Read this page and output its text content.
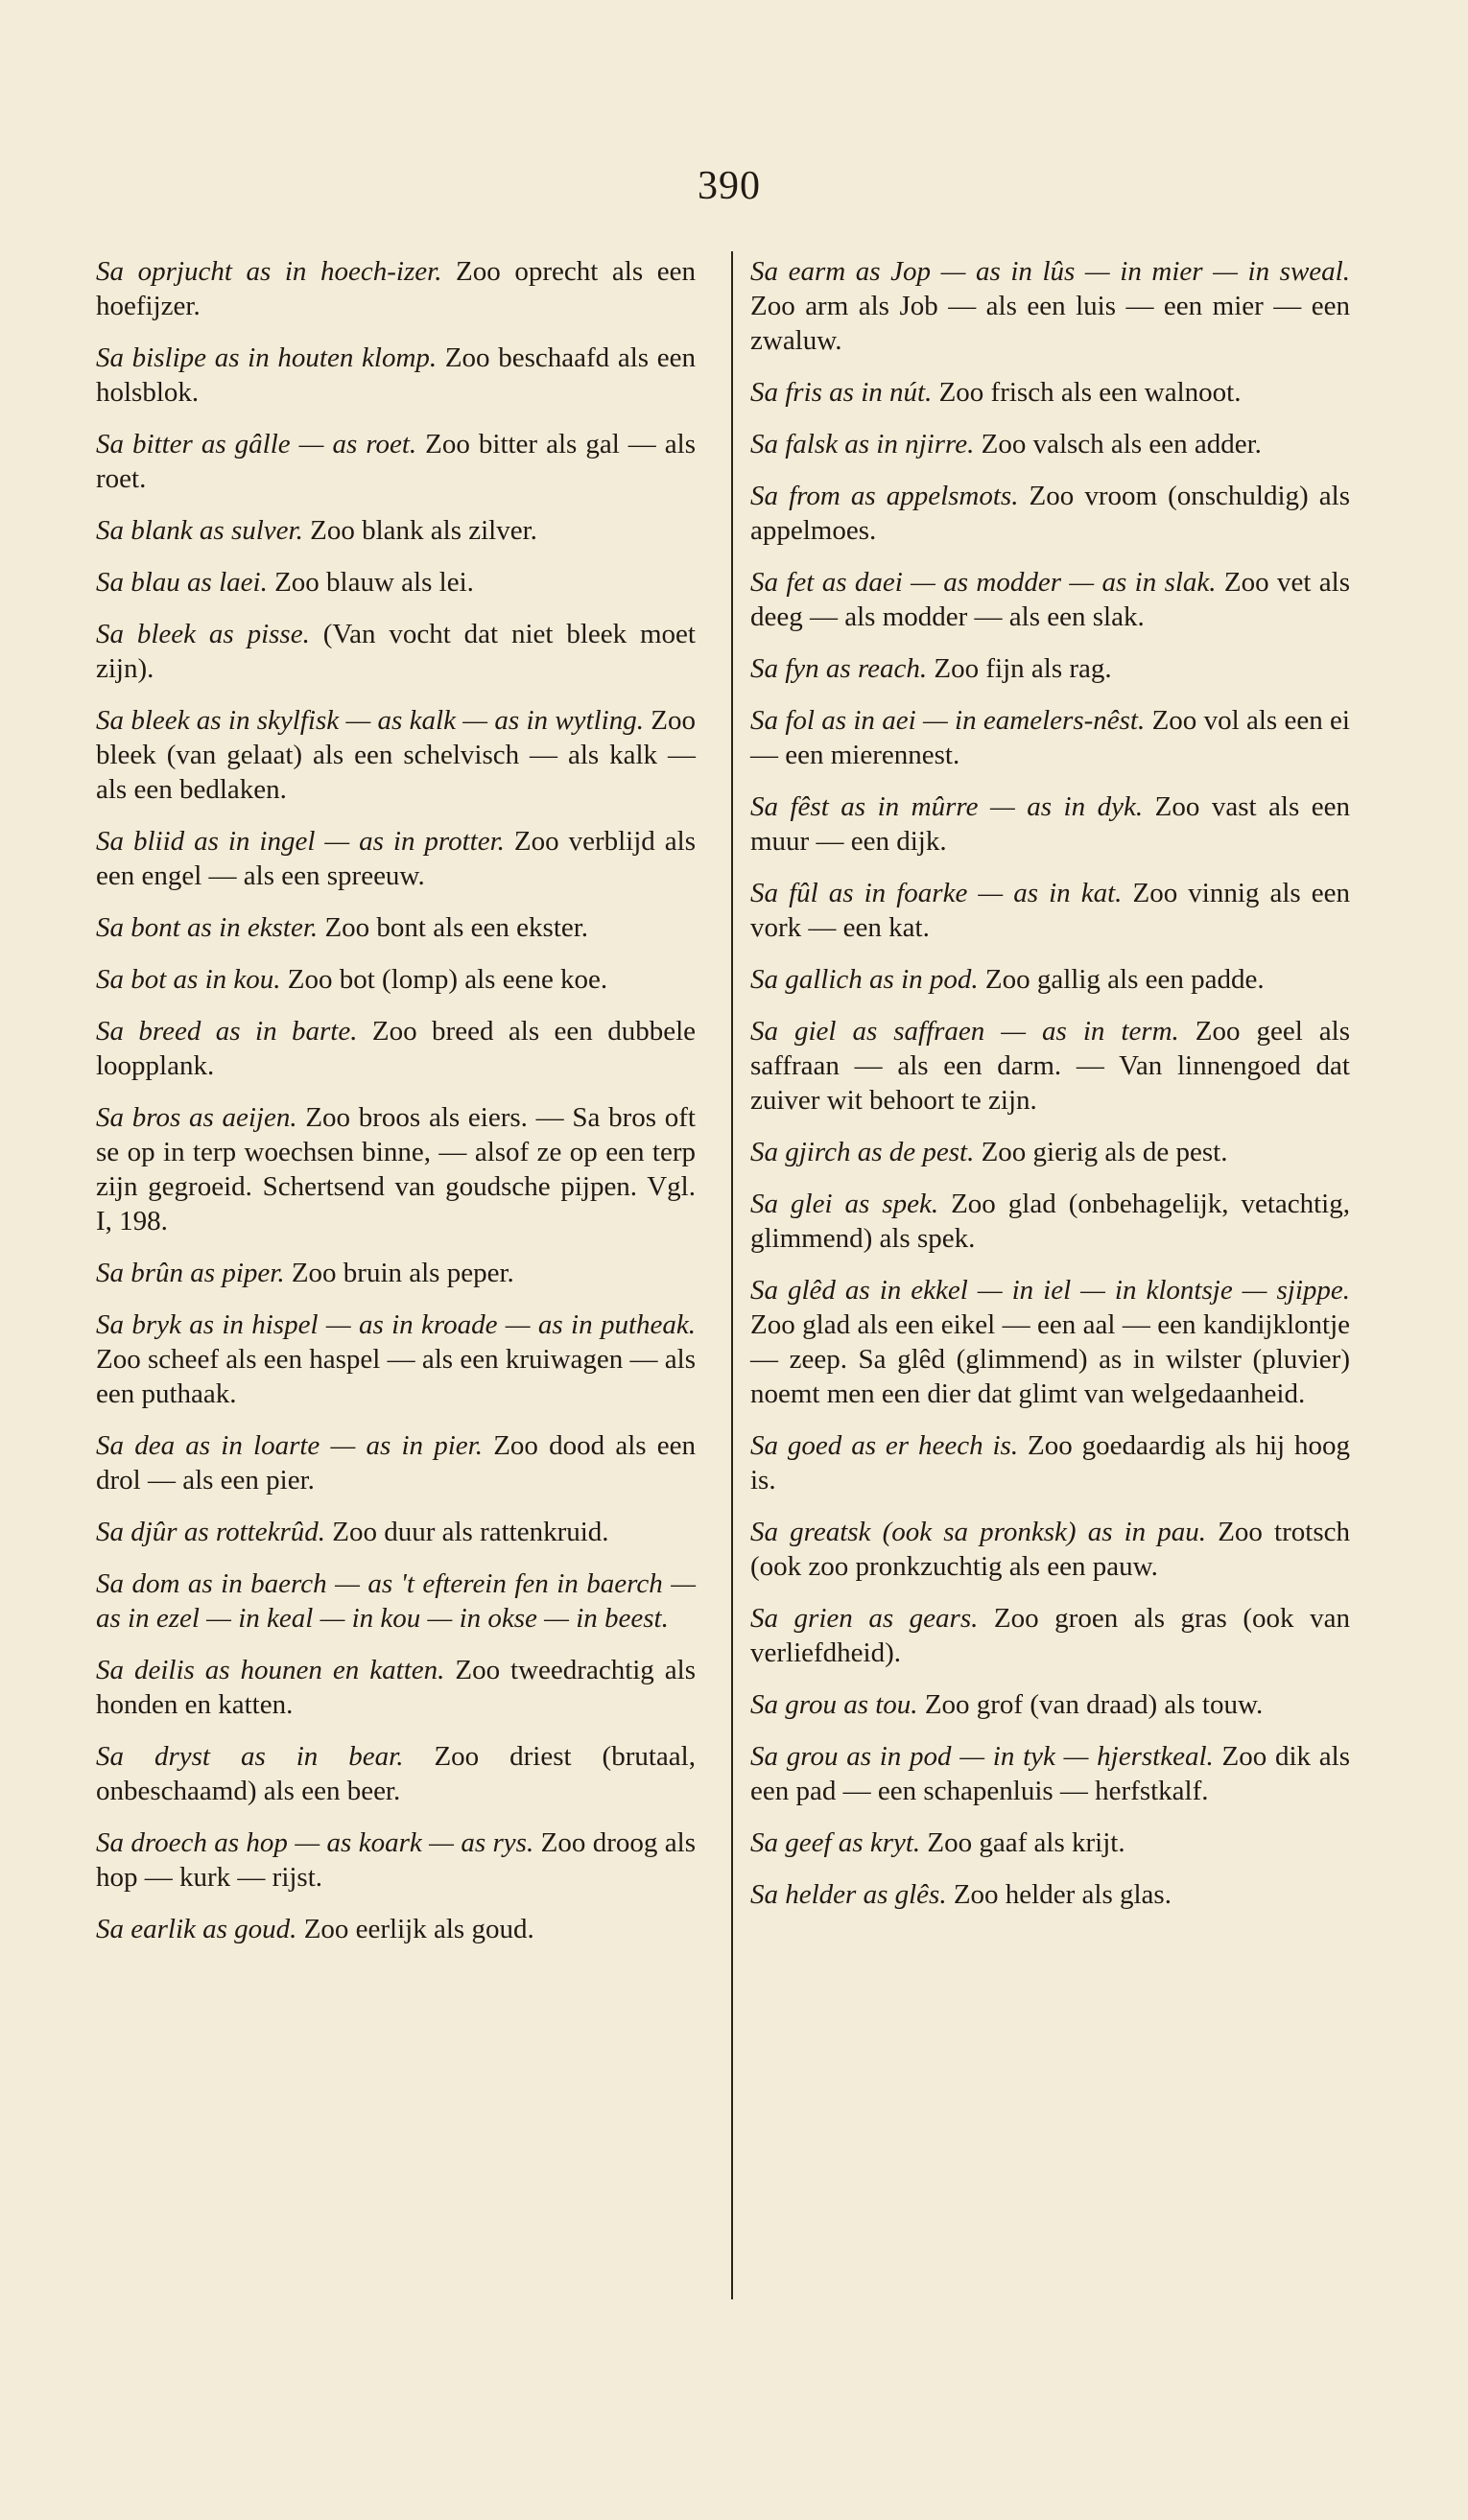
390

Sa oprjucht as in hoech-izer. Zoo oprecht als een hoefijzer.

Sa bislipe as in houten klomp. Zoo beschaafd als een holsblok.

Sa bitter as gâlle — as roet. Zoo bitter als gal — als roet.

Sa blank as sulver. Zoo blank als zilver.

Sa blau as laei. Zoo blauw als lei.

Sa bleek as pisse. (Van vocht dat niet bleek moet zijn).

Sa bleek as in skylfisk — as kalk — as in wytling. Zoo bleek (van gelaat) als een schelvisch — als kalk — als een bedlaken.

Sa bliid as in ingel — as in protter. Zoo verblijd als een engel — als een spreeuw.

Sa bont as in ekster. Zoo bont als een ekster.

Sa bot as in kou. Zoo bot (lomp) als eene koe.

Sa breed as in barte. Zoo breed als een dubbele loopplank.

Sa bros as aeijen. Zoo broos als eiers. — Sa bros oft se op in terp woechsen binne, — alsof ze op een terp zijn gegroeid. Schertsend van goudsche pijpen. Vgl. I, 198.

Sa brûn as piper. Zoo bruin als peper.

Sa bryk as in hispel — as in kroade — as in putheak. Zoo scheef als een haspel — als een kruiwagen — als een puthaak.

Sa dea as in loarte — as in pier. Zoo dood als een drol — als een pier.

Sa djûr as rottekrûd. Zoo duur als rattenkruid.

Sa dom as in baerch — as 't efterein fen in baerch — as in ezel — in keal — in kou — in okse — in beest.

Sa deilis as hounen en katten. Zoo tweedrachtig als honden en katten.

Sa dryst as in bear. Zoo driest (brutaal, onbeschaamd) als een beer.

Sa droech as hop — as koark — as rys. Zoo droog als hop — kurk — rijst.

Sa earlik as goud. Zoo eerlijk als goud.

Sa earm as Jop — as in lûs — in mier — in sweal. Zoo arm als Job — als een luis — een mier — een zwaluw.

Sa fris as in nút. Zoo frisch als een walnoot.

Sa falsk as in njirre. Zoo valsch als een adder.

Sa from as appelsmots. Zoo vroom (onschuldig) als appelmoes.

Sa fet as daei — as modder — as in slak. Zoo vet als deeg — als modder — als een slak.

Sa fyn as reach. Zoo fijn als rag.

Sa fol as in aei — in eamelers-nêst. Zoo vol als een ei — een mierennest.

Sa fêst as in mûrre — as in dyk. Zoo vast als een muur — een dijk.

Sa fûl as in foarke — as in kat. Zoo vinnig als een vork — een kat.

Sa gallich as in pod. Zoo gallig als een padde.

Sa giel as saffraen — as in term. Zoo geel als saffraan — als een darm. — Van linnengoed dat zuiver wit behoort te zijn.

Sa gjirch as de pest. Zoo gierig als de pest.

Sa glei as spek. Zoo glad (onbehagelijk, vetachtig, glimmend) als spek.

Sa glêd as in ekkel — in iel — in klontsje — sjippe. Zoo glad als een eikel — een aal — een kandijklontje — zeep. Sa glêd (glimmend) as in wilster (pluvier) noemt men een dier dat glimt van welgedaanheid.

Sa goed as er heech is. Zoo goedaardig als hij hoog is.

Sa greatsk (ook sa pronksk) as in pau. Zoo trotsch (ook zoo pronkzuchtig als een pauw.

Sa grien as gears. Zoo groen als gras (ook van verliefdheid).

Sa grou as tou. Zoo grof (van draad) als touw.

Sa grou as in pod — in tyk — hjerstkeal. Zoo dik als een pad — een schapenluis — herfstkalf.

Sa geef as kryt. Zoo gaaf als krijt.

Sa helder as glês. Zoo helder als glas.
